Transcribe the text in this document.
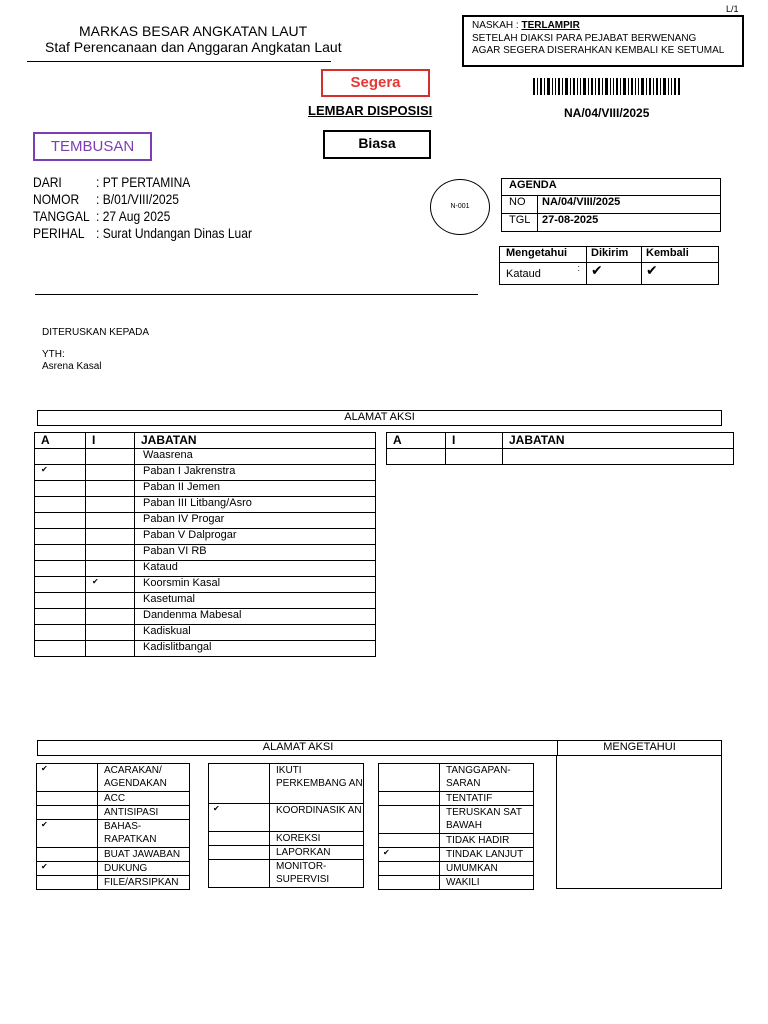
L/1
MARKAS BESAR ANGKATAN LAUT
Staf Perencanaan dan Anggaran Angkatan Laut
NASKAH : TERLAMPIR
SETELAH DIAKSI PARA PEJABAT BERWENANG
AGAR SEGERA DISERAHKAN KEMBALI KE SETUMAL
Segera
LEMBAR DISPOSISI	NA/04/VIII/2025
TEMBUSAN	Biasa
DARI : PT PERTAMINA
NOMOR : B/01/VIII/2025
TANGGAL : 27 Aug 2025
PERIHAL : Surat Undangan Dinas Luar
N-001
AGENDA	
NO	NA/04/VIII/2025
TGL	27-08-2025
Mengetahui	Dikirim	Kembali
Kataud :	✔	✔
DITERUSKAN KEPADA
YTH:
Asrena Kasal
ALAMAT AKSI
A	I	JABATAN
		Waasrena
✔		Paban I Jakrenstra
		Paban II Jemen
		Paban III Litbang/Asro
		Paban IV Progar
		Paban V Dalprogar
		Paban VI RB
		Kataud
	✔	Koorsmin Kasal
		Kasetumal
		Dandenma Mabesal
		Kadiskual
		Kadislitbangal
A	I	JABATAN

ALAMAT AKSI	MENGETAHUI
✔	ACARAKAN/ AGENDAKAN
	ACC
	ANTISIPASI
✔	BAHAS-RAPATKAN
	BUAT JAWABAN
✔	DUKUNG
	FILE/ARSIPKAN
	IKUTI PERKEMBANG AN
✔	KOORDINASIK AN
	KOREKSI
	LAPORKAN
	MONITOR-SUPERVISI
	TANGGAPAN-SARAN
	TENTATIF
	TERUSKAN SAT BAWAH
	TIDAK HADIR
✔	TINDAK LANJUT
	UMUMKAN
	WAKILI
